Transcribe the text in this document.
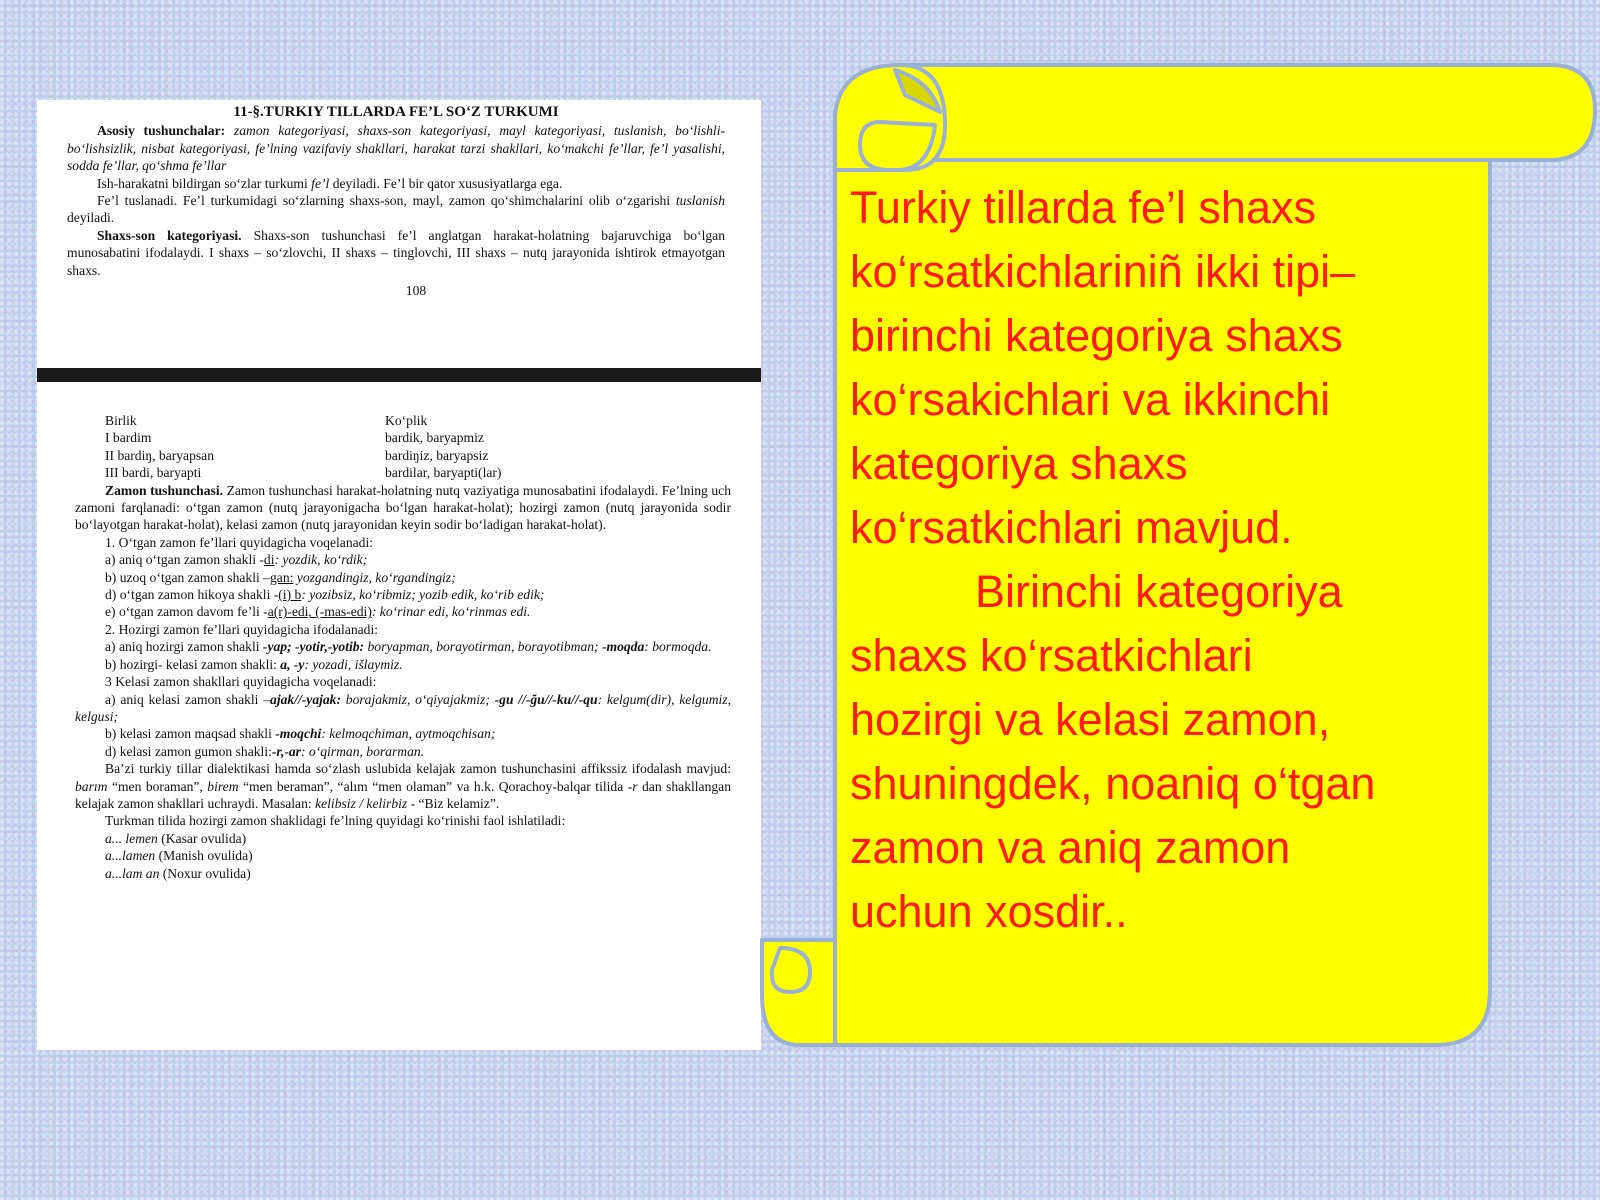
11-§.TURKIY TILLARDA FE’L SO‘Z TURKUMI

Asosiy tushunchalar: zamon kategoriyasi, shaxs-son kategoriyasi, mayl kategoriyasi, tuslanish, bo‘lishli-bo‘lishsizlik, nisbat kategoriyasi, fe’lning vazifaviy shakllari, harakat tarzi shakllari, ko‘makchi fe’llar, fe’l yasalishi, sodda fe’llar, qo‘shma fe’llar

Ish-harakatni bildirgan so‘zlar turkumi fe’l deyiladi. Fe’l bir qator xususiyatlarga ega.

Fe’l tuslanadi. Fe’l turkumidagi so‘zlarning shaxs-son, mayl, zamon qo‘shimchalarini olib o‘zgarishi tuslanish deyiladi.

Shaxs-son kategoriyasi. Shaxs-son tushunchasi fe’l anglatgan harakat-holatning bajaruvchiga bo‘lgan munosabatini ifodalaydi. I shaxs – so‘zlovchi, II shaxs – tinglovchi, III shaxs – nutq jarayonida ishtirok etmayotgan shaxs.

108
Birlik	Ko‘plik
I bardim	bardik, baryapmiz
II bardiŋ, baryapsan	bardiŋiz, baryapsiz
III bardi, baryapti	bardilar, baryapti(lar)

Zamon tushunchasi. Zamon tushunchasi harakat-holatning nutq vaziyatiga munosabatini ifodalaydi. Fe’lning uch zamoni farqlanadi: o‘tgan zamon (nutq jarayonigacha bo‘lgan harakat-holat); hozirgi zamon (nutq jarayonida sodir bo‘layotgan harakat-holat), kelasi zamon (nutq jarayonidan keyin sodir bo‘ladigan harakat-holat).

1. O‘tgan zamon fe’llari quyidagicha voqelanadi:

a) aniq o‘tgan zamon shakli -di: yozdik, ko‘rdik;

b) uzoq o‘tgan zamon shakli –gan: yozgandingiz, ko‘rgandingiz;

d) o‘tgan zamon hikoya shakli -(i) b: yozibsiz, ko‘ribmiz; yozib edik, ko‘rib edik;

e) o‘tgan zamon davom fe’li -a(r)-edi, (-mas-edi): ko‘rinar edi, ko‘rinmas edi.

2. Hozirgi zamon fe’llari quyidagicha ifodalanadi:

a) aniq hozirgi zamon shakli -yap; -yotir,-yotib: boryapman, borayotirman, borayotibman; -moqda: bormoqda.

b) hozirgi- kelasi zamon shakli: a, -y: yozadi, išlaymiz.

3 Kelasi zamon shakllari quyidagicha voqelanadi:

a) aniq kelasi zamon shakli –ajak//-yajak: borajakmiz, o‘qiyajakmiz; -gu //-ğu//-ku//-qu: kelgum(dir), kelgumiz, kelgusi;

b) kelasi zamon maqsad shakli -moqchi: kelmoqchiman, aytmoqchisan;

d) kelasi zamon gumon shakli:-r,-ar: o‘qirman, borarman.

Ba’zi turkiy tillar dialektikasi hamda so‘zlash uslubida kelajak zamon tushunchasini affikssiz ifodalash mavjud: barım “men boraman”, birem “men beraman”, “alım “men olaman” va h.k. Qorachoy-balqar tilida -r dan shakllangan kelajak zamon shakllari uchraydi. Masalan: kelibsiz / kelirbiz - “Biz kelamiz”.

Turkman tilida hozirgi zamon shaklidagi fe’lning quyidagi ko‘rinishi faol ishlatiladi:

a... lemen (Kasar ovulida)

a...lamen (Manish ovulida)

a...lam an (Noxur ovulida)

Turkiy tillarda fe’l shaxs
ko‘rsatkichlariniñ ikki tipi–
birinchi kategoriya shaxs
ko‘rsakichlari va ikkinchi
kategoriya shaxs
ko‘rsatkichlari mavjud.
Birinchi kategoriya
shaxs ko‘rsatkichlari
hozirgi va kelasi zamon,
shuningdek, noaniq o‘tgan
zamon va aniq zamon
uchun xosdir..
